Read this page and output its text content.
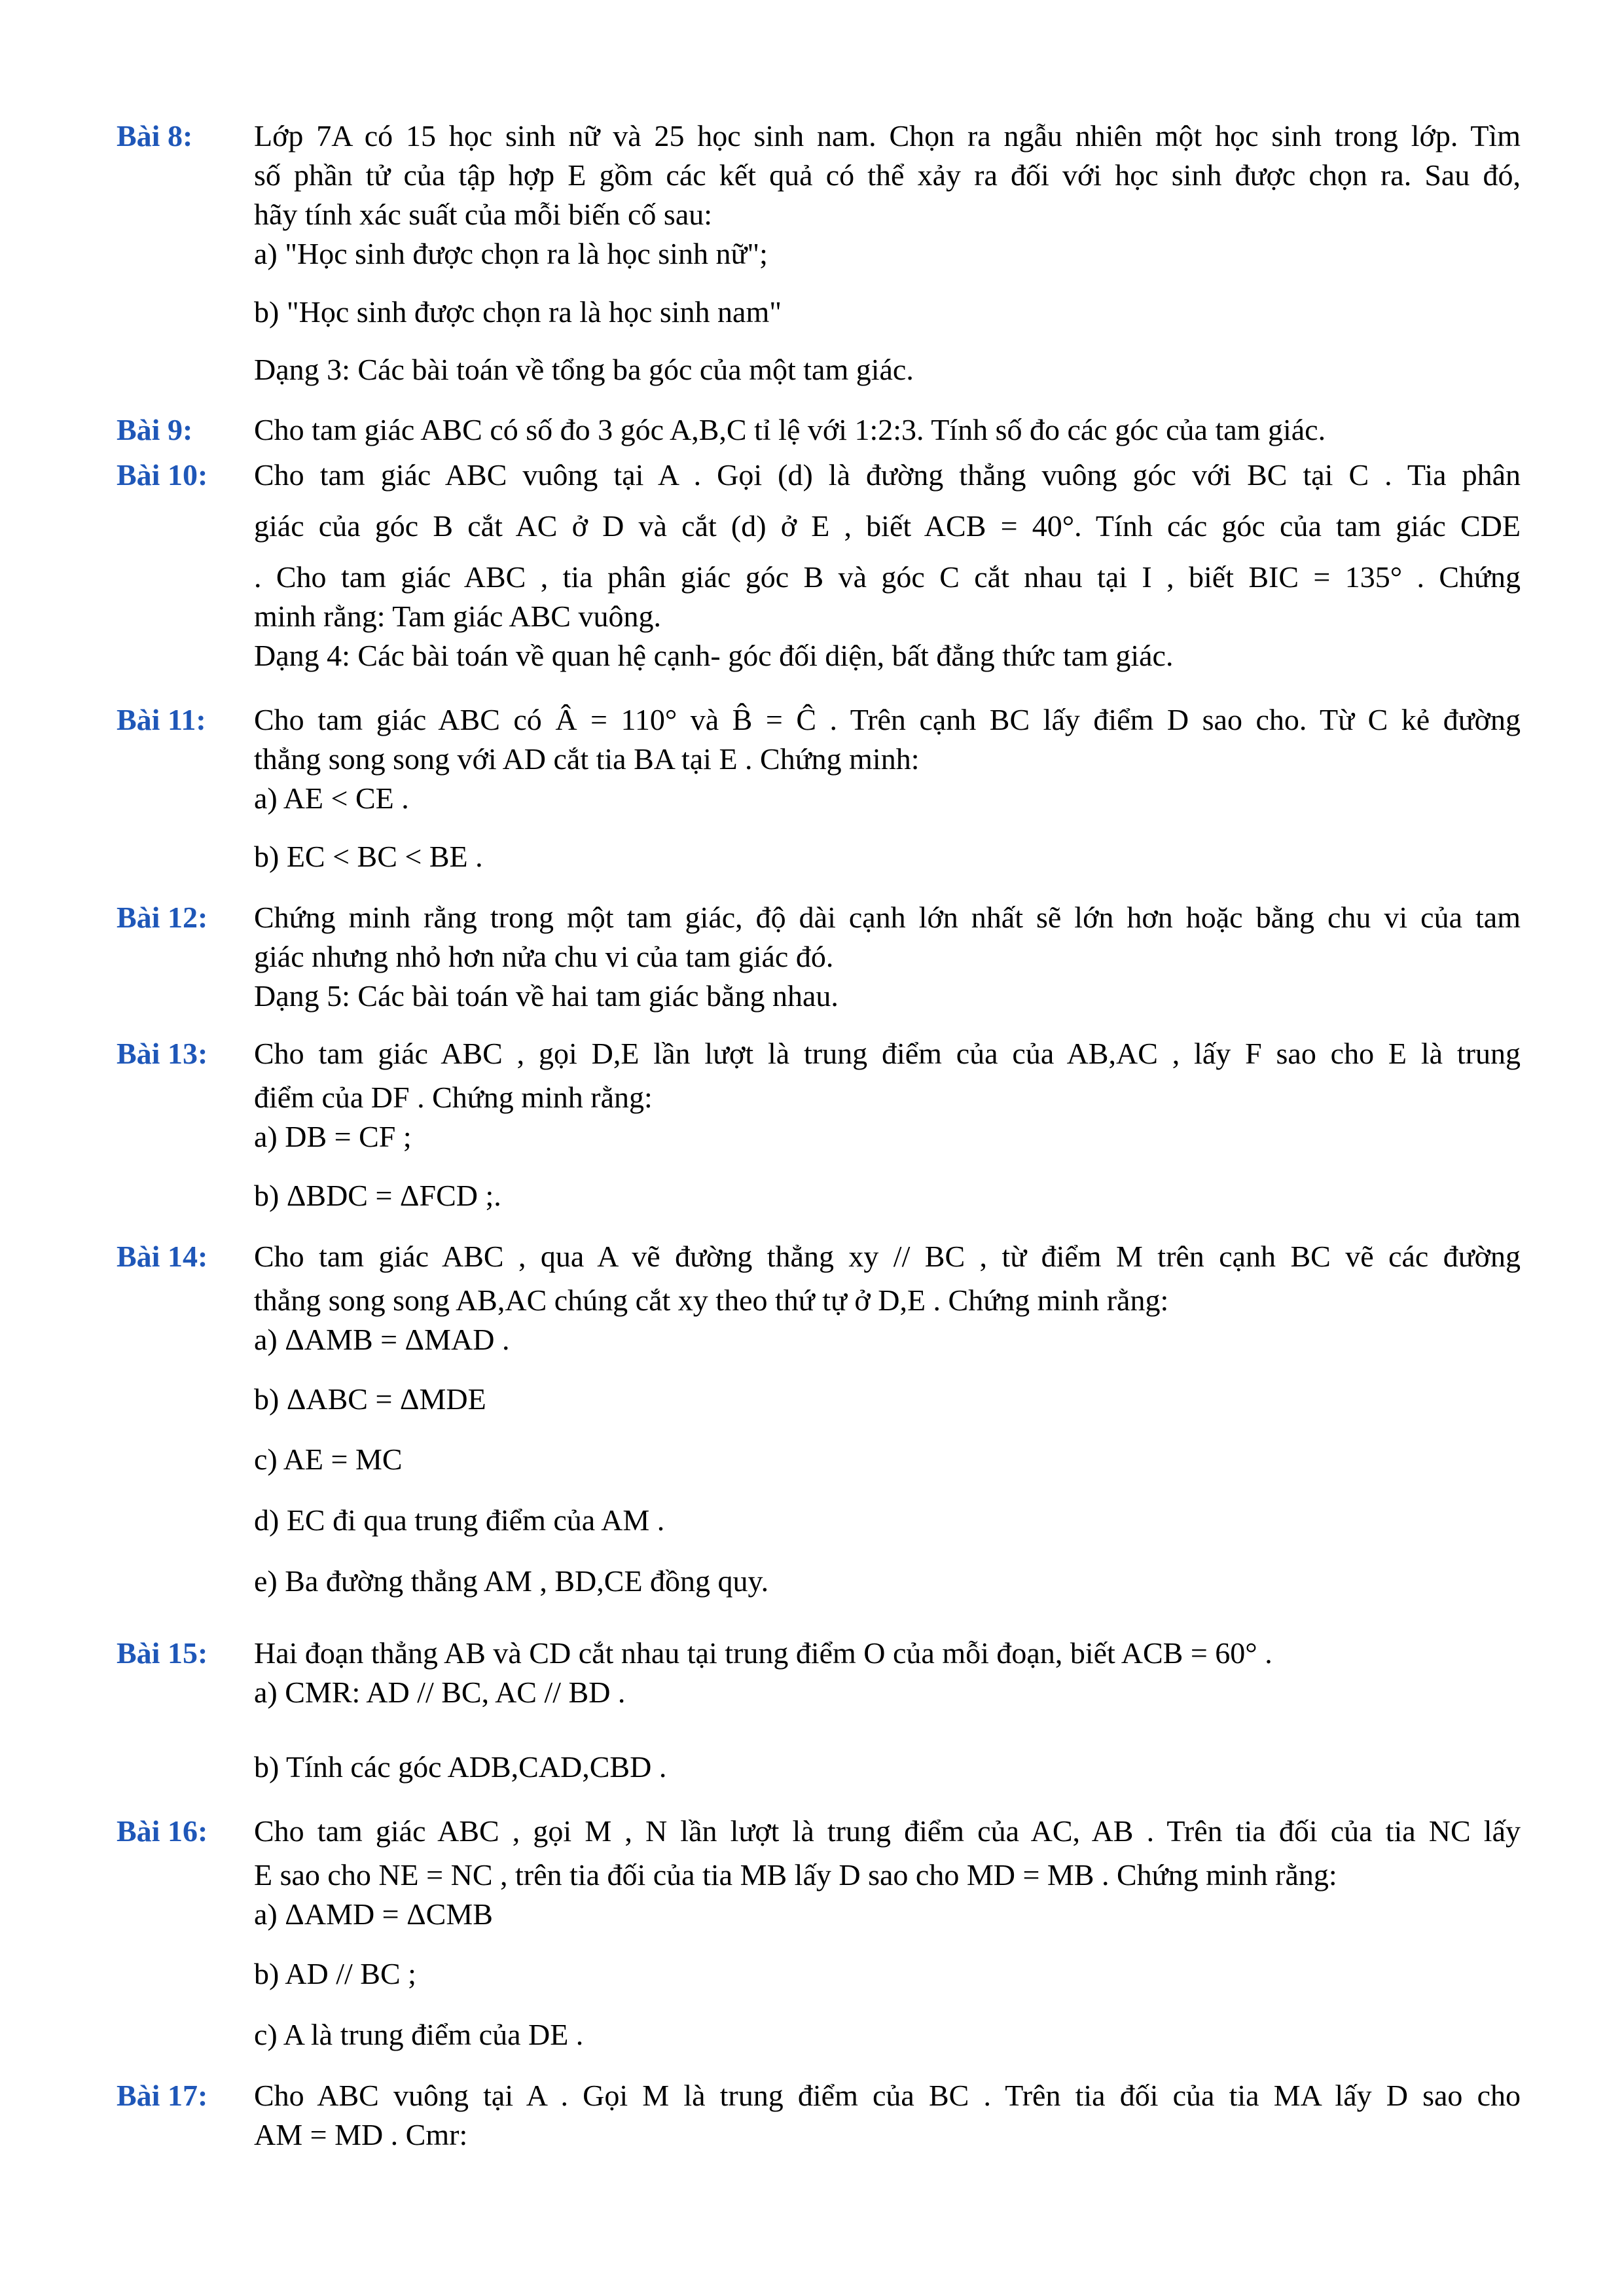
Bài 8:	Lớp 7A có 15 học sinh nữ và 25 học sinh nam. Chọn ra ngẫu nhiên một học sinh trong lớp. Tìm
số phần tử của tập hợp E gồm các kết quả có thể xảy ra đối với học sinh được chọn ra. Sau đó,
hãy tính xác suất của mỗi biến cố sau:
a) "Học sinh được chọn ra là học sinh nữ";
b) "Học sinh được chọn ra là học sinh nam"
Dạng 3: Các bài toán về tổng ba góc của một tam giác.
Bài 9:	Cho tam giác ABC có số đo 3 góc A,B,C tỉ lệ với 1:2:3. Tính số đo các góc của tam giác.
Bài 10:	Cho tam giác ABC vuông tại A . Gọi (d) là đường thẳng vuông góc với BC tại C . Tia phân
giác của góc B cắt AC ở D và cắt (d) ở E , biết ACB = 40°. Tính các góc của tam giác CDE
. Cho tam giác ABC , tia phân giác góc B và góc C cắt nhau tại I , biết BIC = 135° . Chứng
minh rằng: Tam giác ABC vuông.
Dạng 4: Các bài toán về quan hệ cạnh- góc đối diện, bất đẳng thức tam giác.
Bài 11:	Cho tam giác ABC có Â = 110° và B̂ = Ĉ . Trên cạnh BC lấy điểm D sao cho. Từ C kẻ đường
thẳng song song với AD cắt tia BA tại E . Chứng minh:
a) AE < CE .
b) EC < BC < BE .
Bài 12:	Chứng minh rằng trong một tam giác, độ dài cạnh lớn nhất sẽ lớn hơn hoặc bằng chu vi của tam
giác nhưng nhỏ hơn nửa chu vi của tam giác đó.
Dạng 5: Các bài toán về hai tam giác bằng nhau.
Bài 13:	Cho tam giác ABC , gọi D,E lần lượt là trung điểm của của AB,AC , lấy F sao cho E là trung
điểm của DF . Chứng minh rằng:
a) DB = CF ;
b) ΔBDC = ΔFCD ;.
Bài 14:	Cho tam giác ABC , qua A vẽ đường thẳng xy // BC , từ điểm M trên cạnh BC vẽ các đường
thẳng song song AB,AC chúng cắt xy theo thứ tự ở D,E . Chứng minh rằng:
a) ΔAMB = ΔMAD .
b) ΔABC = ΔMDE
c) AE = MC
d) EC đi qua trung điểm của AM .
e) Ba đường thẳng AM , BD,CE đồng quy.
Bài 15:	Hai đoạn thẳng AB và CD cắt nhau tại trung điểm O của mỗi đoạn, biết ACB = 60° .
a) CMR: AD // BC, AC // BD .
b) Tính các góc ADB,CAD,CBD .
Bài 16:	Cho tam giác ABC , gọi M , N lần lượt là trung điểm của AC, AB . Trên tia đối của tia NC lấy
E sao cho NE = NC , trên tia đối của tia MB lấy D sao cho MD = MB . Chứng minh rằng:
a) ΔAMD = ΔCMB
b) AD // BC ;
c) A là trung điểm của DE .
Bài 17:	Cho ABC vuông tại A . Gọi M là trung điểm của BC . Trên tia đối của tia MA lấy D sao cho
AM = MD . Cmr:
